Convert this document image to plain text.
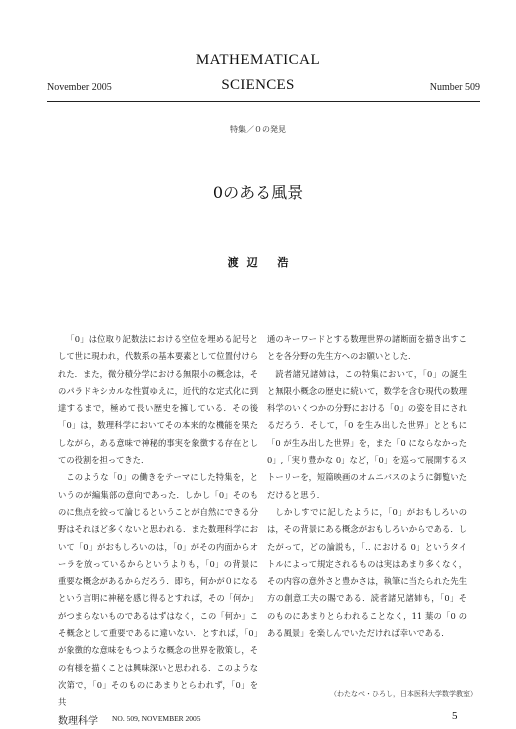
MATHEMATICAL
SCIENCES
November 2005	Number 509
特集／０の発見
0のある風景
渡辺 浩

「0」は位取り記数法における空位を埋める記号として世に現われ，代数系の基本要素として位置付けられた．また，微分積分学における無限小の概念は，そのパラドキシカルな性質ゆえに，近代的な定式化に到達するまで，極めて長い歴史を擁している．その後「0」は，数理科学においてその本来的な機能を果たしながら，ある意味で神秘的事実を象徴する存在としての役割を担ってきた．

このような「0」の働きをテーマにした特集を，というのが編集部の意向であった．しかし「0」そのものに焦点を絞って論じるということが自然にできる分野はそれほど多くないと思われる．また数理科学において「0」がおもしろいのは，「0」がその内面からオーラを放っているからというよりも，「0」の背景に重要な概念があるからだろう．即ち，何かが０になるという言明に神秘を感じ得るとすれば，その「何か」がつまらないものであるはずはなく，この「何か」こそ概念として重要であるに違いない．とすれば，「0」が象徴的な意味をもつような概念の世界を散策し，その有様を描くことは興味深いと思われる．このような次第で，「0」そのものにあまりとらわれず，「0」を共

通のキーワードとする数理世界の諸断面を描き出すことを各分野の先生方へのお願いとした．

読者諸兄諸姉は，この特集において，「0」の誕生と無限小概念の歴史に続いて，数学を含む現代の数理科学のいくつかの分野における「0」の姿を目にされるだろう．そして，「0 を生み出した世界」とともに「0 が生み出した世界」を，また「0 にならなかった 0」,「実り豊かな 0」など，「0」を巡って展開するストーリーを，短篇映画のオムニバスのように御覧いただけると思う．

しかしすでに記したように，「0」がおもしろいのは，その背景にある概念がおもしろいからである．したがって，どの論説も，「‥ における 0」というタイトルによって規定されるものは実はあまり多くなく，その内容の意外さと豊かさは，執筆に当たられた先生方の創意工夫の賜である．読者諸兄諸姉も，「0」そのものにあまりとらわれることなく，11 葉の「0 のある風景」を楽しんでいただければ幸いである．

（わたなべ・ひろし，日本医科大学数学教室）
数理科学 NO. 509, NOVEMBER 2005	5
